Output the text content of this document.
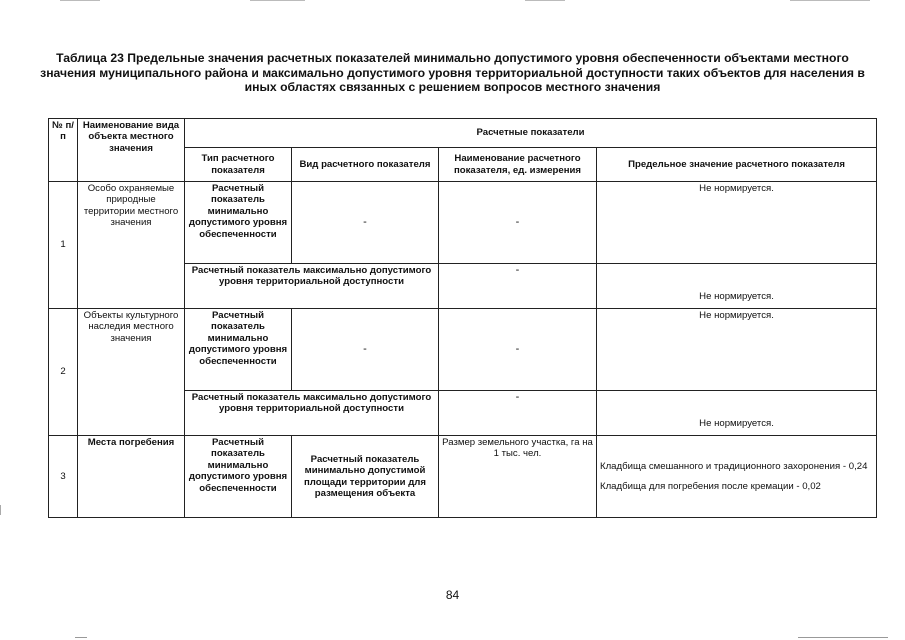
Таблица 23 Предельные значения расчетных показателей минимально допустимого уровня обеспеченности объектами местного значения муниципального района и максимально допустимого уровня территориальной доступности таких объектов для населения в иных областях связанных с решением вопросов местного значения
№ п/п	Наименование вида объекта местного значения	Расчетные показатели			
		Тип расчетного показателя	Вид расчетного показателя	Наименование расчетного показателя, ед. измерения	Предельное значение расчетного показателя
1	Особо охраняемые природные территории местного значения	Расчетный показатель минимально допустимого уровня обеспеченности	-	-	Не нормируется.
		Расчетный показатель максимально допустимого уровня территориальной доступности		-	Не нормируется.
2	Объекты культурного наследия местного значения	Расчетный показатель минимально допустимого уровня обеспеченности	-	-	Не нормируется.
		Расчетный показатель максимально допустимого уровня территориальной доступности		-	Не нормируется.
3	Места погребения	Расчетный показатель минимально допустимого уровня обеспеченности	Расчетный показатель минимально допустимой площади территории для размещения объекта	Размер земельного участка, га на 1 тыс. чел.	Кладбища смешанного и традиционного захоронения - 0,24
Кладбища для погребения после кремации - 0,02
84
